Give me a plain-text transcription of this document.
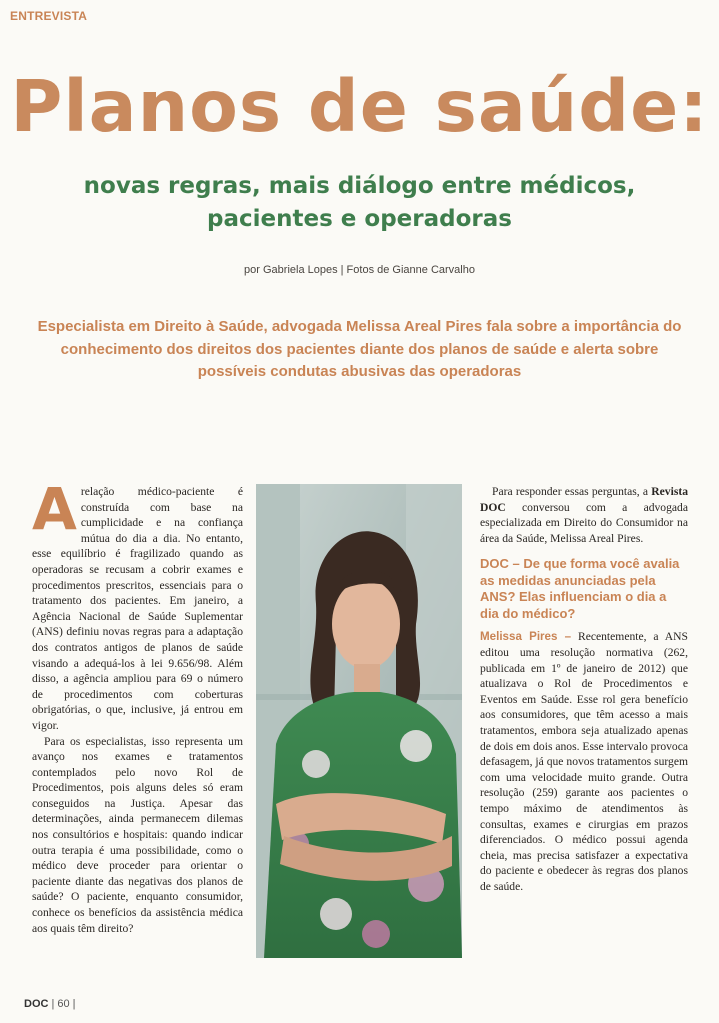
ENTREVISTA
Planos de saúde:
novas regras, mais diálogo entre médicos,
pacientes e operadoras
por Gabriela Lopes | Fotos de Gianne Carvalho
Especialista em Direito à Saúde, advogada Melissa Areal Pires fala sobre a importância do conhecimento dos direitos dos pacientes diante dos planos de saúde e alerta sobre possíveis condutas abusivas das operadoras

Arelação médico-paciente é construída com base na cumplicidade e na confiança mútua do dia a dia. No entanto, esse equilíbrio é fragilizado quando as operadoras se recusam a cobrir exames e procedimentos prescritos, essenciais para o tratamento dos pacientes. Em janeiro, a Agência Nacional de Saúde Suplementar (ANS) definiu novas regras para a adaptação dos contratos antigos de planos de saúde visando a adequá-los à lei 9.656/98. Além disso, a agência ampliou para 69 o número de procedimentos com coberturas obrigatórias, o que, inclusive, já entrou em vigor.

Para os especialistas, isso representa um avanço nos exames e tratamentos contemplados pelo novo Rol de Procedimentos, pois alguns deles só eram conseguidos na Justiça. Apesar das determinações, ainda permanecem dilemas nos consultórios e hospitais: quando indicar outra terapia é uma possibilidade, como o médico deve proceder para orientar o paciente diante das negativas dos planos de saúde? O paciente, enquanto consumidor, conhece os benefícios da assistência médica aos quais têm direito?

Para responder essas perguntas, a Revista DOC conversou com a advogada especializada em Direito do Consumidor na área da Saúde, Melissa Areal Pires.

DOC – De que forma você avalia as medidas anunciadas pela ANS? Elas influenciam o dia a dia do médico?

Melissa Pires – Recentemente, a ANS editou uma resolução normativa (262, publicada em 1º de janeiro de 2012) que atualizava o Rol de Procedimentos e Eventos em Saúde. Esse rol gera benefício aos consumidores, que têm acesso a mais tratamentos, embora seja atualizado apenas de dois em dois anos. Esse intervalo provoca defasagem, já que novos tratamentos surgem com uma velocidade muito grande. Outra resolução (259) garante aos pacientes o tempo máximo de atendimentos às consultas, exames e cirurgias em prazos diferenciados. O médico possui agenda cheia, mas precisa satisfazer a expectativa do paciente e obedecer às regras dos planos de saúde.

DOC | 60 |
